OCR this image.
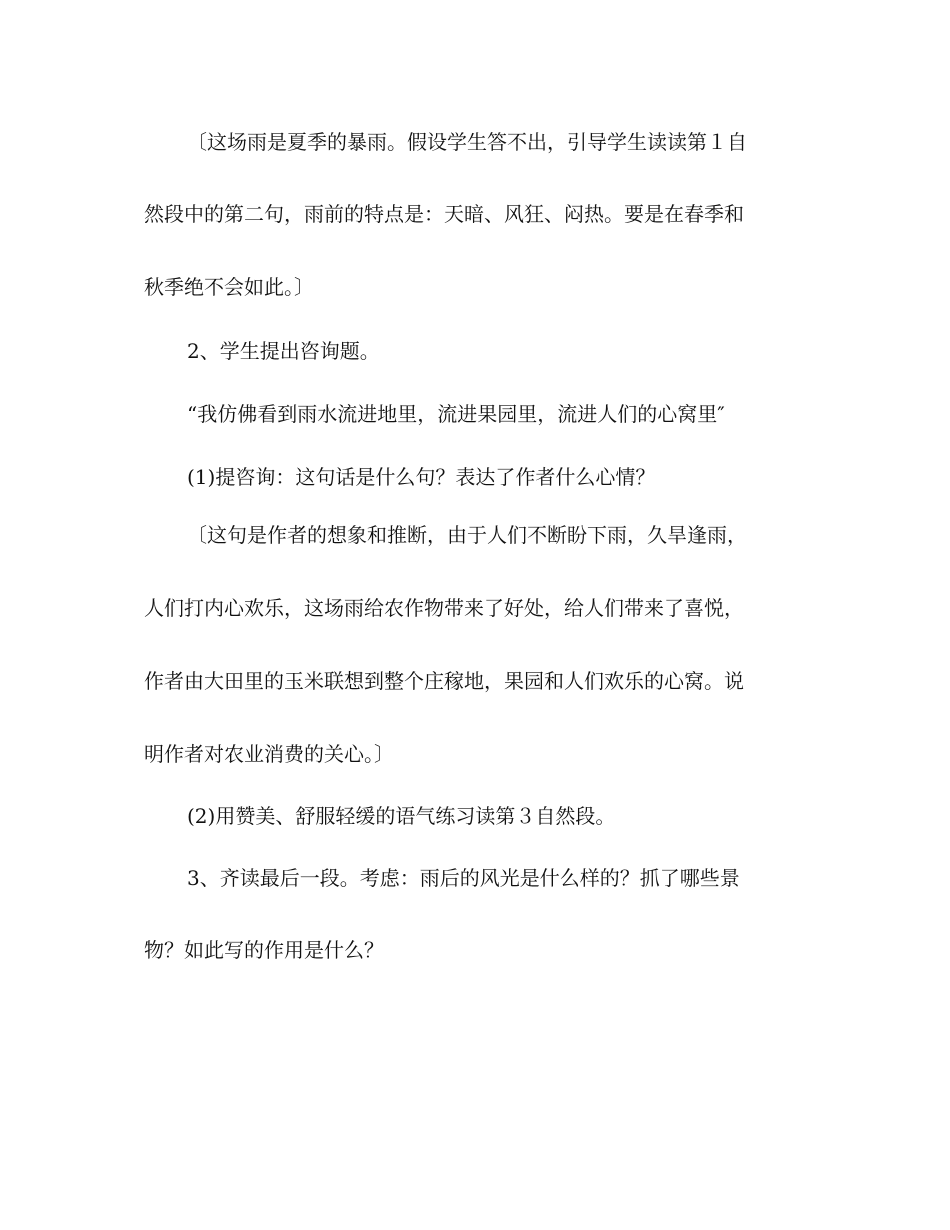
〔这场雨是夏季的暴雨。假设学生答不出，引导学生读读第１自
然段中的第二句，雨前的特点是：天暗、风狂、闷热。要是在春季和
秋季绝不会如此。〕
2、学生提出咨询题。
“我仿佛看到雨水流进地里，流进果园里，流进人们的心窝里″
(1)提咨询：这句话是什么句？表达了作者什么心情？
〔这句是作者的想象和推断，由于人们不断盼下雨，久旱逢雨，
人们打内心欢乐，这场雨给农作物带来了好处，给人们带来了喜悦，
作者由大田里的玉米联想到整个庄稼地，果园和人们欢乐的心窝。说
明作者对农业消费的关心。〕
(2)用赞美、舒服轻缓的语气练习读第３自然段。
3、齐读最后一段。考虑：雨后的风光是什么样的？抓了哪些景
物？如此写的作用是什么？
